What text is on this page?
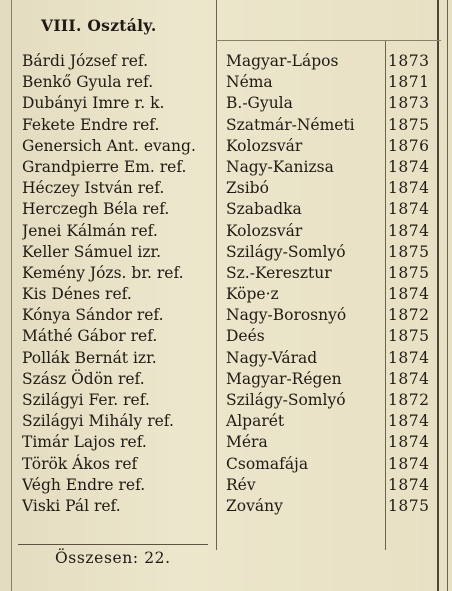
VIII. Osztály.
Bárdi József ref.	Magyar-Lápos	1873
Benkő Gyula ref.	Néma	1871
Dubányi Imre r. k.	B.-Gyula	1873
Fekete Endre ref.	Szatmár-Németi	1875
Genersich Ant. evang.	Kolozsvár	1876
Grandpierre Em. ref.	Nagy-Kanizsa	1874
Héczey István ref.	Zsibó	1874
Herczegh Béla ref.	Szabadka	1874
Jenei Kálmán ref.	Kolozsvár	1874
Keller Sámuel izr.	Szilágy-Somlyó	1875
Kemény Józs. br. ref.	Sz.-Keresztur	1875
Kis Dénes ref.	Köpe·z	1874
Kónya Sándor ref.	Nagy-Borosnyó	1872
Máthé Gábor ref.	Deés	1875
Pollák Bernát izr.	Nagy-Várad	1874
Szász Ödön ref.	Magyar-Régen	1874
Szilágyi Fer. ref.	Szilágy-Somlyó	1872
Szilágyi Mihály ref.	Alparét	1874
Timár Lajos ref.	Méra	1874
Török Ákos ref	Csomafája	1874
Végh Endre ref.	Rév	1874
Viski Pál ref.	Zovány	1875
Összesen: 22.
